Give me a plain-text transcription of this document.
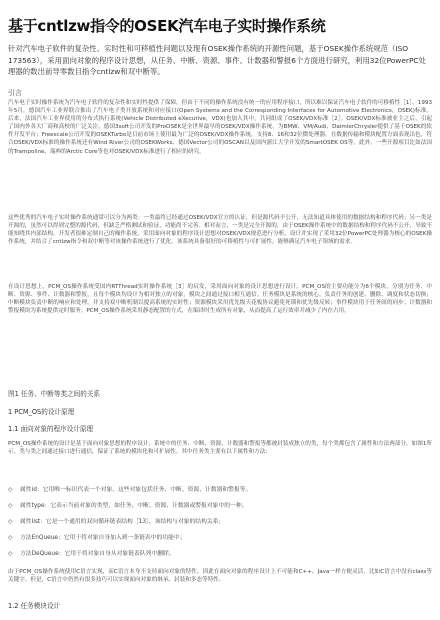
基于cntlzw指令的OSEK汽车电子实时操作系统
针对汽车电子软件的复杂性、实时性和可移植性问题以及现有OSEK操作系统的开源性问题，基于OSEK操作系统规范（ISO 173563），采用面向对象的程序设计思想，从任务、中断、资源、事件、计数器和警报6个方面进行研究，利用32位PowerPC处理器的数出前导零数目指令cntlzw和双中断等。
引言
汽车电子实时操作系统为汽车电子软件的复杂性和实时性提供了保障，但由于不同的操作系统没有统一的应用程序接口，所以难以保证汽车电子软件的可移植性［1］。1993年5月，德国汽车工业界联合推出了汽车电子类开放系统和对应接口(Open Systems and the Corresponding Interfaces for Automotive Electronics，OSEK)标准。后来，法国汽车工业界使用的分布式执行系统(Vehicle Distributed eXecutive，VDX)也加入其中，共同组成了OSEK/VDX标准［2］。OSEK/VDX标准被业主之后，引起了国内外各大厂商和高校的广泛关注。德国3soft公司开发的ProOSEK是全世界最早的OSEK/VDX操作系统，为BMW、VM/Audi、DaimlerChrysler提供了基于OSEK的软件开发平台；Freescale公司开发的OSEKTurbo是目前市场上使用最为广泛的OSEK/VDX操作系统，支持8、16和32位微处理器，在数据传输和模块配置方面表现出色，符合OSEK/VDX标准的操作系统还有Wind River公司的OSEKWorks、德国Vector公司的OSCAN以及国内浙江大学开发的SmartOSEK OS等。此外，一些开源项目比如法国的Trampoline、瑞典的Arctic Core等也对OSEK/VDX标准进行了相应的研究。
这些优秀的汽车电子实时操作系统通常可以分为两类：一类最终已经通过OSEK/VDX官方的认证，但是源代码不公开，无法知道具体使用的数据结构和程序代码；另一类是开源的，虽然可以得到完整的源代码，但缺乏严格测试和验证，功能尚不完善。相对而言，一类是完全开源的，由于OSEK操作系统中的数据结构和程序代码不公开，导致不能知晓其内部结构，开发者很难定制自己的操作系统。采用面向对象的程序设计思想对OSEK/VDX规范进行分析，设计并实现了采用32位PowerPC处理器为核心的OSEK操作系统，并结合了cntlzw指令和双中断等对该操作系统进行了优化。该系统具备很好的可移植性与可扩展性，能够满足汽车电子领域的需求。
在设计思想上，PCM_OS操作系统受国内RTThread实时操作系统［3］的启发，采用面向对象的设计思想进行设计。PCM_OS的主要功能分为6个模块，分别为任务、中断、资源、事件、计数器和警报，且每个模块均设计为相对独立的对象，模块之间通过接口相互通信。任务模块是系统的核心，负责任务的创建、删除、调度和状态切换；中断模块负责中断的响应和处理，并支持双中断机制以提高系统的实时性；资源模块采用优先级天花板协议避免死锁和优先级反转；事件模块用于任务间的同步；计数器和警报模块为系统提供定时服务。PCM_OS操作系统采用静态配置的方式，在编译时生成所有对象，从而提高了运行效率并减少了内存占用。
图1 任务、中断等类之间的关系
1 PCM_OS的设计原理
1.1 面向对象的程序设计原理
PCM_OS操作系统的设计是基于面向对象思想的程序设计，系统中的任务、中断、资源、计数器和警报等都被封装成独立的类，每个类都包含了属性和方法两部分，如图1所示。类与类之间通过接口进行通信，保证了系统的模块化和可扩展性。其中任务类主要有以下属性和方法：
◇ 属性id：它用唯一标识代表一个对象，这些对象包括任务、中断、资源、计数器和警报等。
◇ 属性type：它表示当前对象的类型，如任务、中断、资源、计数器或警报对象中的一种。
◇ 属性list：它是一个通用的双向循环链表结构［13］，该结构与对象的结构关系；
◇ 方法EnQueue：它用于将对象自身加入到一条链表中的功能中；
◇ 方法DeQueue：它用于将对象自身从对象链表队列中删除。
由于PCM_OS操作系统使用C语言实现，而C语言本身不支持面向对象的特性，因此在面向对象的程序设计上不可能和C++、Java一样方便灵活，比如C语言中没有class等关键字。但是，C语言中仍然有很多技巧可以实现面向对象的继承、封装和多态等特性。
1.2 任务模块设计
